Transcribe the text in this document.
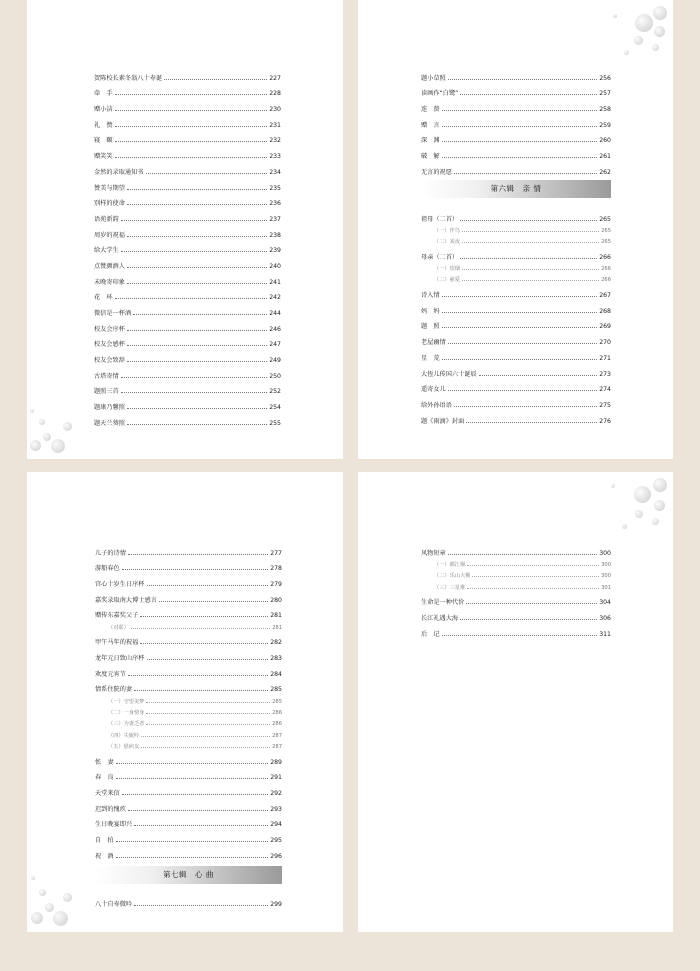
贺陈校长素冬翁八十寿诞	227
牵　手	228
赠小洁	230
礼　赞	231
寝　颐	232
赠笑笑	233
金然的录取通知书	234
赞美与期望	235
别样的使命	236
语苑新韵	237
周岁的祝福	238
给大学生	239
点赞颜酒人	240
未晚寄印象	241
花　环	242
微信是一杯酒	244
校友会序杯	246
校友会感杯	247
校友会致辞	249
古塔寄情	250
题照三首	252
题康乃馨照	254
题天兰葵照	255
题小草照	256
读画作“白鹭”	257
连　赘	258
赠　言	259
深　渊	260
破　解	261
无言的祝愿	262
第六辑　亲 情
祖母（二首）	265
（一）伴鸟	265
（二）炭夜	265
母亲（二首）	266
（一）炊烟	266
（二）慈爱	266
诗入情	267
妈　妈	268
题　照	269
老屋幽情	270
星　荒	271
大侄儿传国六十诞辰	273
遥寄女儿	274
给外孙语语	275
题《雨滴》封面	276
儿子的诗情	277
游船春色	278
宫心十岁生日序杯	279
嘉奖录取南大博士感言	280
赠传东嘉奖父子	281
（对联）	281
甲午马年的祝福	282
龙年元日致山序杯	283
欢度元宵节	284
情系住院的妻	285
（一）守望美梦	285
（二）一身傍身	286
（三）为妻乏者	286
（四）失眠吟	287
（五）慰病友	287
怅　妻	289
春　良	291
天堂来信	292
迟到的愧疚	293
生日晚宴即兴	294
自　拍	295
祝　酒	296
第七辑　心 曲
八十自寿微吟	299
风物短章	300
（一）都江堰	300
（二）乐山大佛	300
（三）三星堆	301
生命是一种代价	304
长江礼遇大海	306
后　记	311
